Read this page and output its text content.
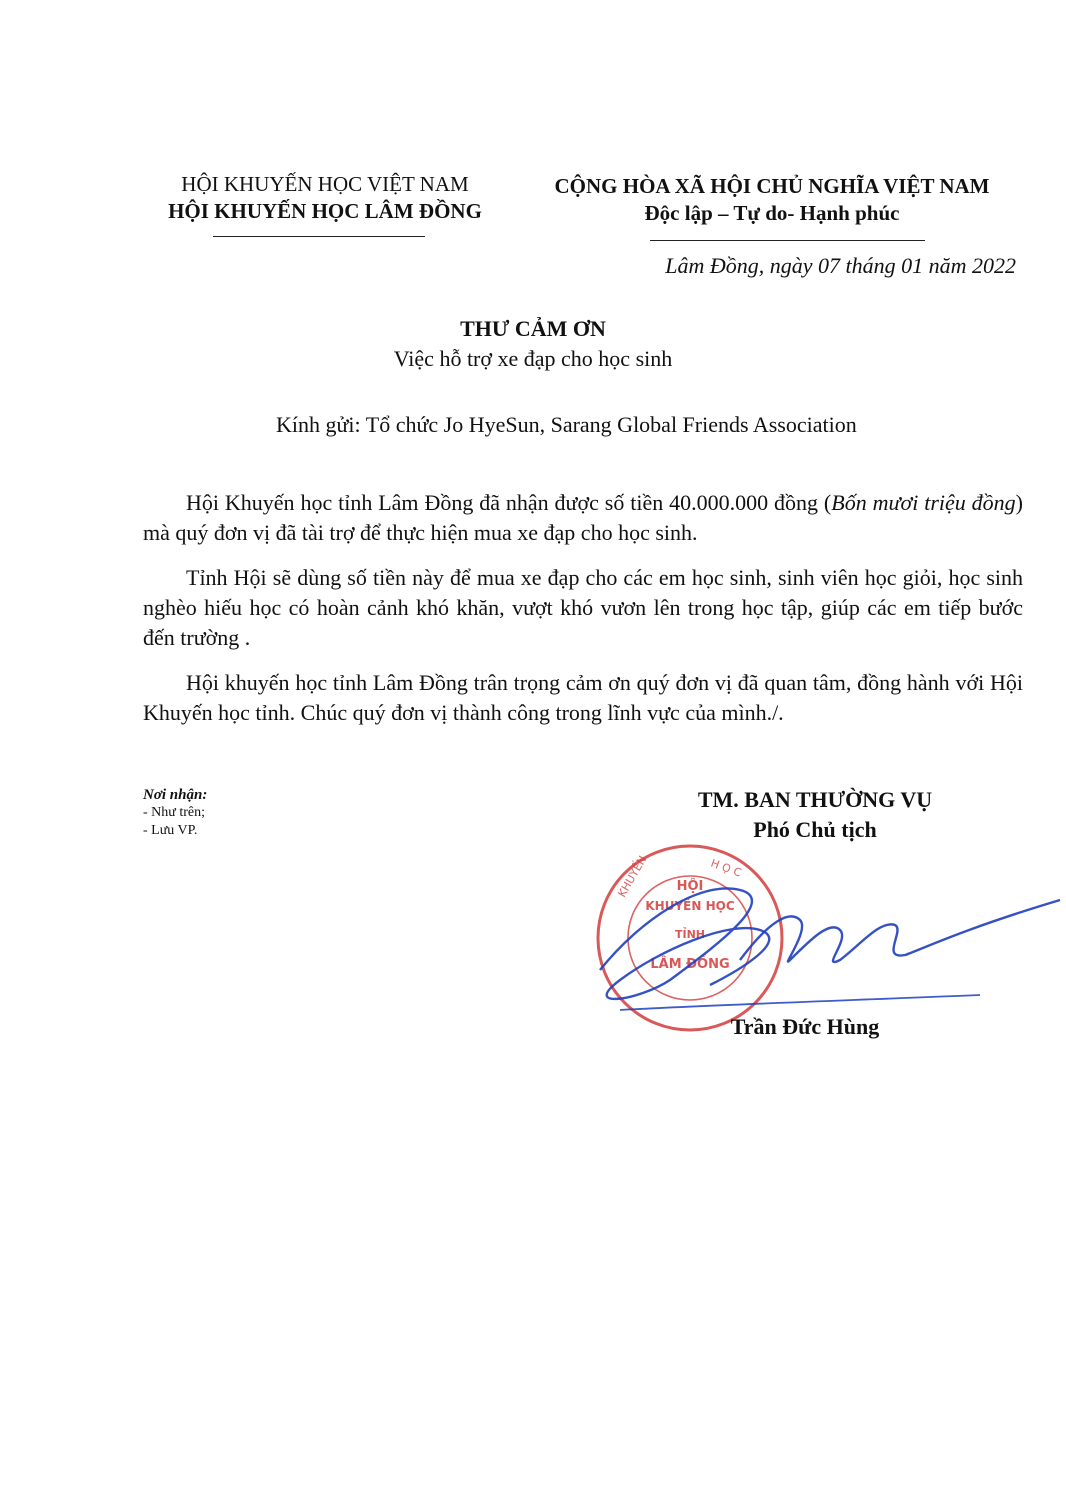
HỘI KHUYẾN HỌC VIỆT NAM
HỘI KHUYẾN HỌC LÂM ĐỒNG
CỘNG HÒA XÃ HỘI CHỦ NGHĨA VIỆT NAM
Độc lập – Tự do- Hạnh phúc
Lâm Đồng, ngày 07 tháng 01 năm 2022
THƯ CẢM ƠN
Việc hỗ trợ xe đạp cho học sinh
Kính gửi: Tổ chức Jo HyeSun, Sarang Global Friends Association

Hội Khuyến học tỉnh Lâm Đồng đã nhận được số tiền 40.000.000 đồng (Bốn mươi triệu đồng) mà quý đơn vị đã tài trợ để thực hiện mua xe đạp cho học sinh.

Tỉnh Hội sẽ dùng số tiền này để mua xe đạp cho các em học sinh, sinh viên học giỏi, học sinh nghèo hiếu học có hoàn cảnh khó khăn, vượt khó vươn lên trong học tập, giúp các em tiếp bước đến trường .

Hội khuyến học tỉnh Lâm Đồng trân trọng cảm ơn quý đơn vị đã quan tâm, đồng hành với Hội Khuyến học tỉnh. Chúc quý đơn vị thành công trong lĩnh vực của mình./.

Nơi nhận:
- Như trên;
- Lưu VP.
TM. BAN THƯỜNG VỤ
Phó Chủ tịch
HỘI
KHUYẾN HỌC
TỈNH
LÂM ĐỒNG
KHUYẾN	H Ọ C
Trần Đức Hùng
